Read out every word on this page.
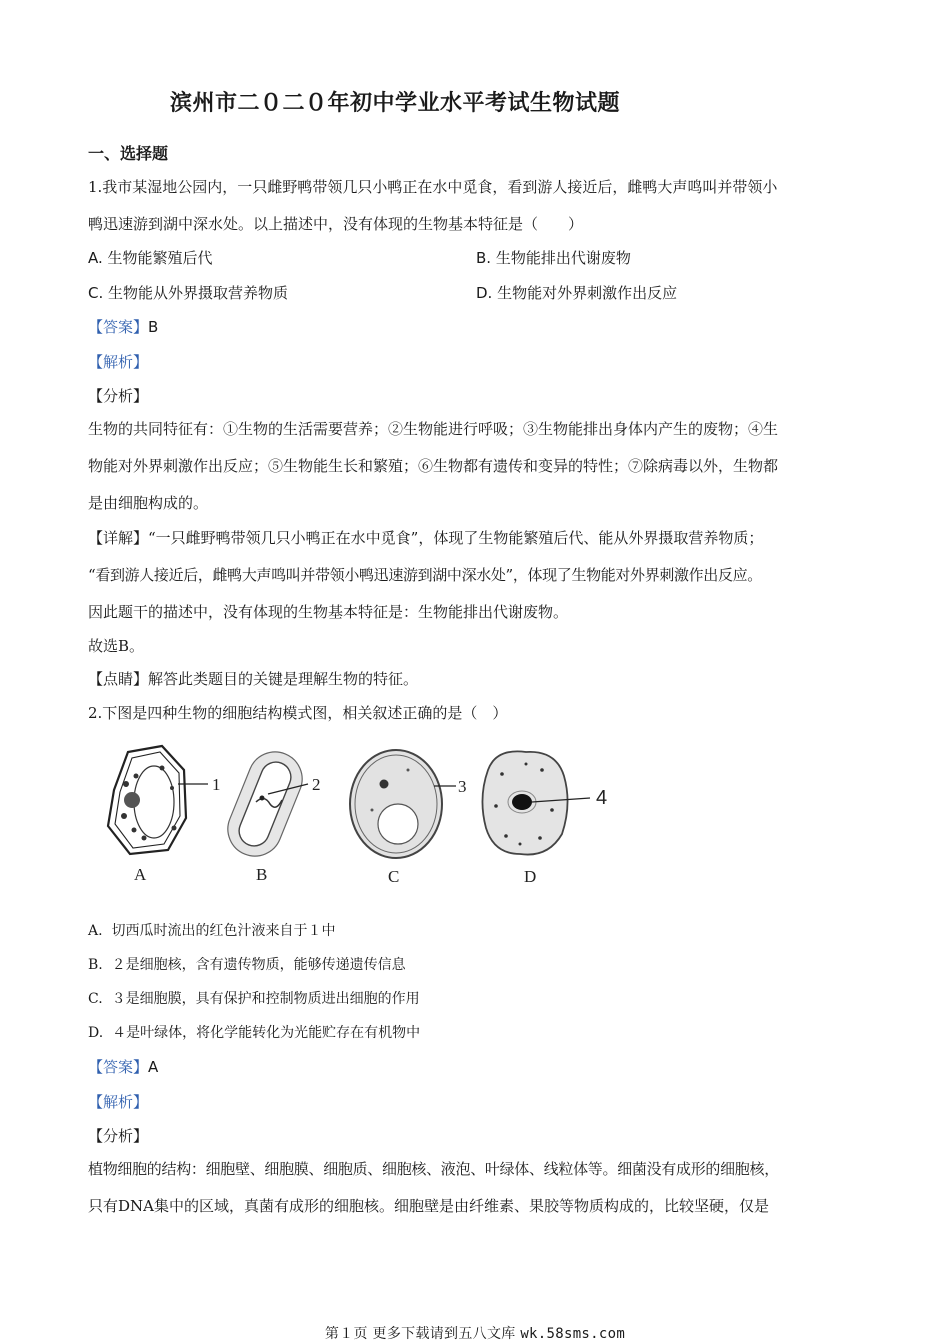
滨州市二０二０年初中学业水平考试生物试题
一、选择题
1.我市某湿地公园内，一只雌野鸭带领几只小鸭正在水中觅食，看到游人接近后，雌鸭大声鸣叫并带领小
鸭迅速游到湖中深水处。以上描述中，没有体现的生物基本特征是（　　）
A. 生物能繁殖后代	B. 生物能排出代谢废物
C. 生物能从外界摄取营养物质	D. 生物能对外界刺激作出反应
【答案】B
【解析】
【分析】
生物的共同特征有：①生物的生活需要营养；②生物能进行呼吸；③生物能排出身体内产生的废物；④生
物能对外界刺激作出反应；⑤生物能生长和繁殖；⑥生物都有遗传和变异的特性；⑦除病毒以外，生物都
是由细胞构成的。
【详解】“一只雌野鸭带领几只小鸭正在水中觅食”，体现了生物能繁殖后代、能从外界摄取营养物质；
“看到游人接近后，雌鸭大声鸣叫并带领小鸭迅速游到湖中深水处”，体现了生物能对外界刺激作出反应。
因此题干的描述中，没有体现的生物基本特征是：生物能排出代谢废物。
故选B。
【点睛】解答此类题目的关键是理解生物的特征。
2.下图是四种生物的细胞结构模式图，相关叙述正确的是（　）
1
A
2
B
3
C
4
D
A. 切西瓜时流出的红色汁液来自于１中
B. ２是细胞核，含有遗传物质，能够传递遗传信息
C. ３是细胞膜，具有保护和控制物质进出细胞的作用
D. ４是叶绿体，将化学能转化为光能贮存在有机物中
【答案】A
【解析】
【分析】
植物细胞的结构：细胞壁、细胞膜、细胞质、细胞核、液泡、叶绿体、线粒体等。细菌没有成形的细胞核，
只有DNA集中的区域，真菌有成形的细胞核。细胞壁是由纤维素、果胶等物质构成的，比较坚硬，仅是
第１页 更多下载请到五八文库 wk.58sms.com
